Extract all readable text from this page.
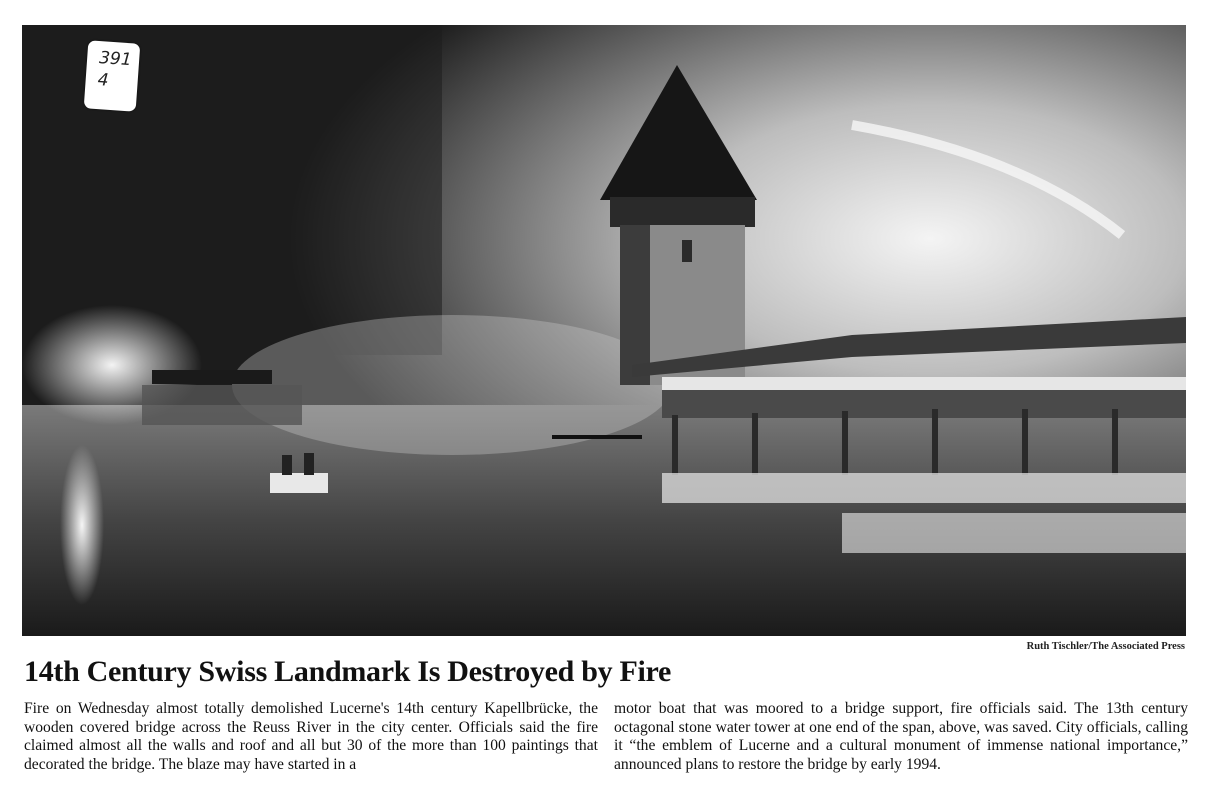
391
4
Ruth Tischler/The Associated Press
14th Century Swiss Landmark Is Destroyed by Fire

Fire on Wednesday almost totally demolished Lucerne's 14th century Kapellbrücke, the wooden covered bridge across the Reuss River in the city center. Officials said the fire claimed almost all the walls and roof and all but 30 of the more than 100 paintings that decorated the bridge. The blaze may have started in a

motor boat that was moored to a bridge support, fire officials said. The 13th century octagonal stone water tower at one end of the span, above, was saved. City officials, calling it “the emblem of Lucerne and a cultural monument of immense national importance,” announced plans to restore the bridge by early 1994.
